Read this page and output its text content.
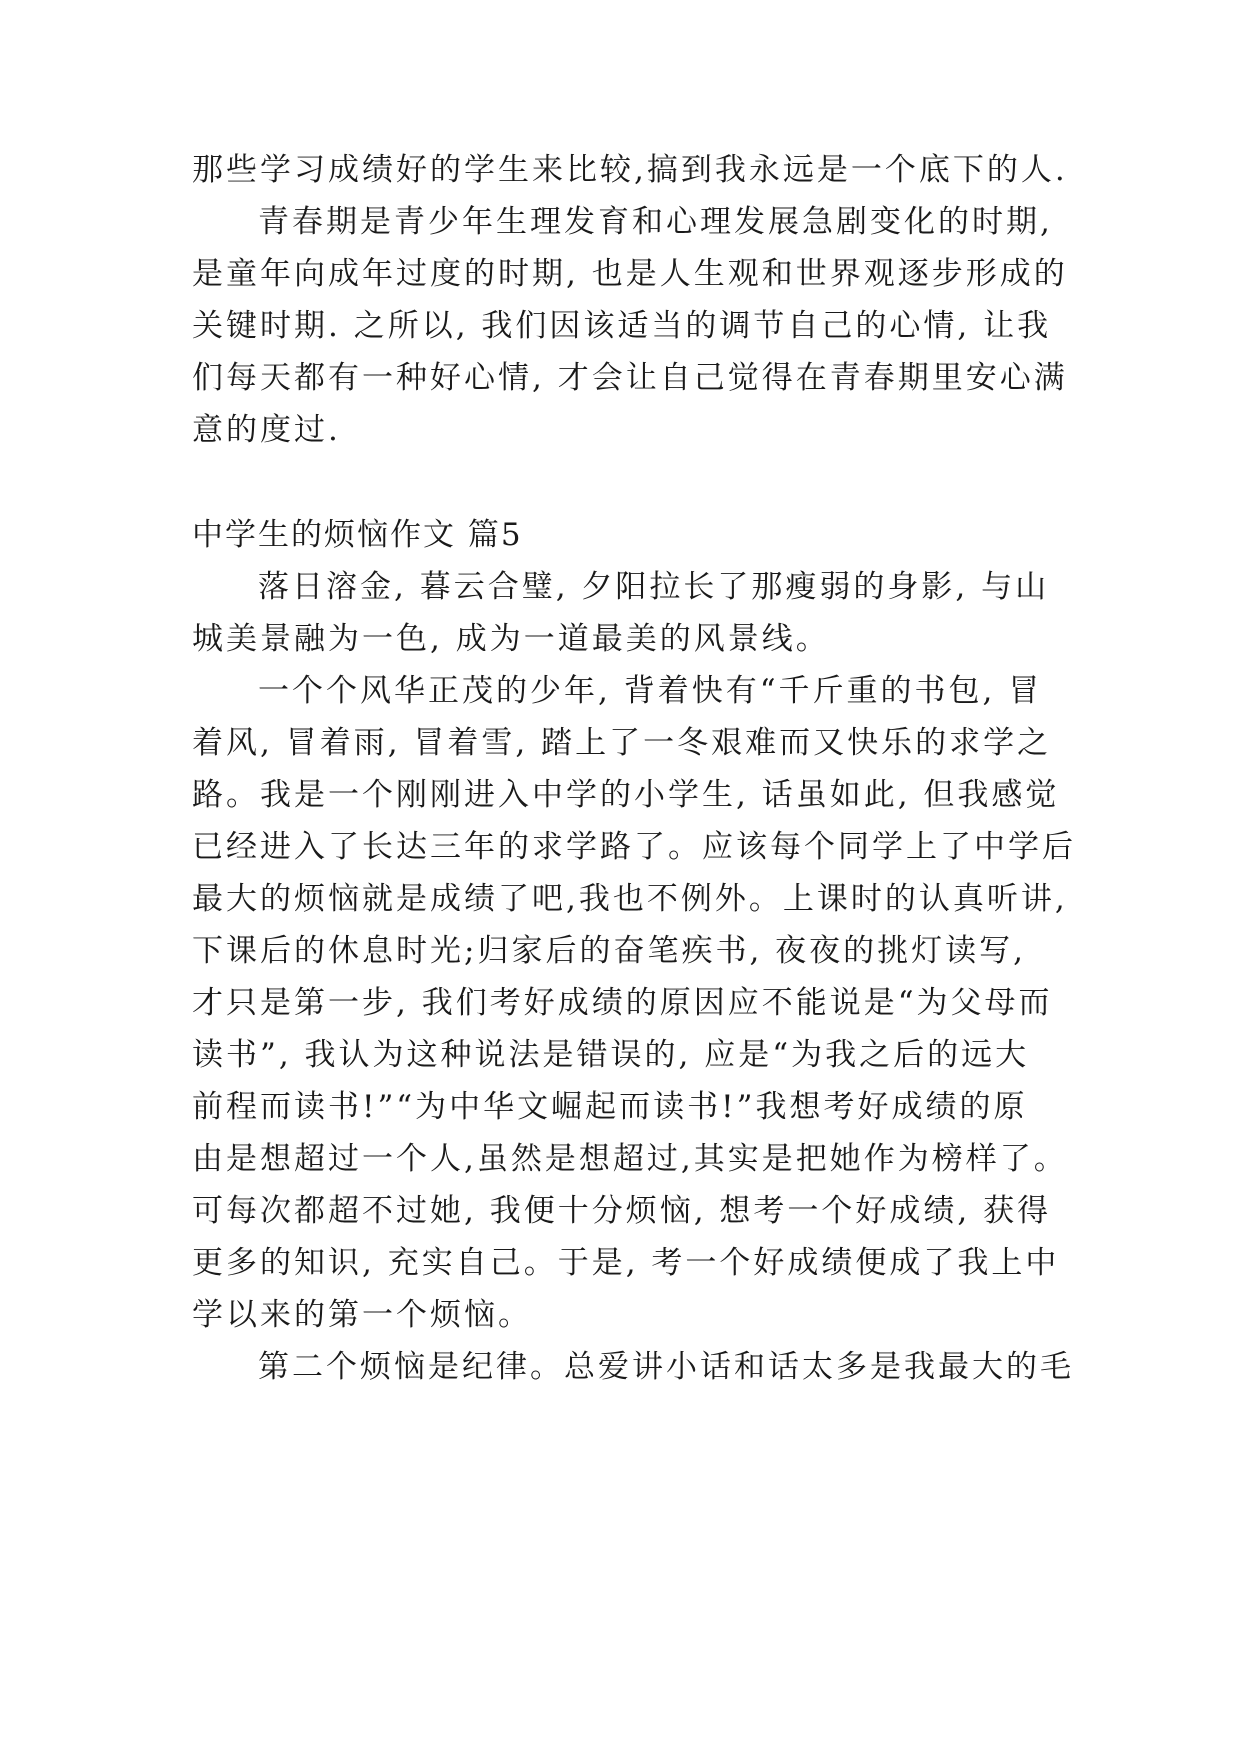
那些学习成绩好的学生来比较,搞到我永远是一个底下的人.
青春期是青少年生理发育和心理发展急剧变化的时期,
是童年向成年过度的时期, 也是人生观和世界观逐步形成的
关键时期. 之所以, 我们因该适当的调节自己的心情, 让我
们每天都有一种好心情, 才会让自己觉得在青春期里安心满
意的度过.
中学生的烦恼作文 篇5
落日溶金, 暮云合璧, 夕阳拉长了那瘦弱的身影, 与山
城美景融为一色, 成为一道最美的风景线。
一个个风华正茂的少年, 背着快有“千斤重的书包, 冒
着风, 冒着雨, 冒着雪, 踏上了一冬艰难而又快乐的求学之
路。我是一个刚刚进入中学的小学生, 话虽如此, 但我感觉
已经进入了长达三年的求学路了。应该每个同学上了中学后
最大的烦恼就是成绩了吧,我也不例外。上课时的认真听讲,
下课后的休息时光;归家后的奋笔疾书, 夜夜的挑灯读写,
才只是第一步, 我们考好成绩的原因应不能说是“为父母而
读书”, 我认为这种说法是错误的, 应是“为我之后的远大
前程而读书!”“为中华文崛起而读书!”我想考好成绩的原
由是想超过一个人,虽然是想超过,其实是把她作为榜样了。
可每次都超不过她, 我便十分烦恼, 想考一个好成绩, 获得
更多的知识, 充实自己。于是, 考一个好成绩便成了我上中
学以来的第一个烦恼。
第二个烦恼是纪律。总爱讲小话和话太多是我最大的毛
